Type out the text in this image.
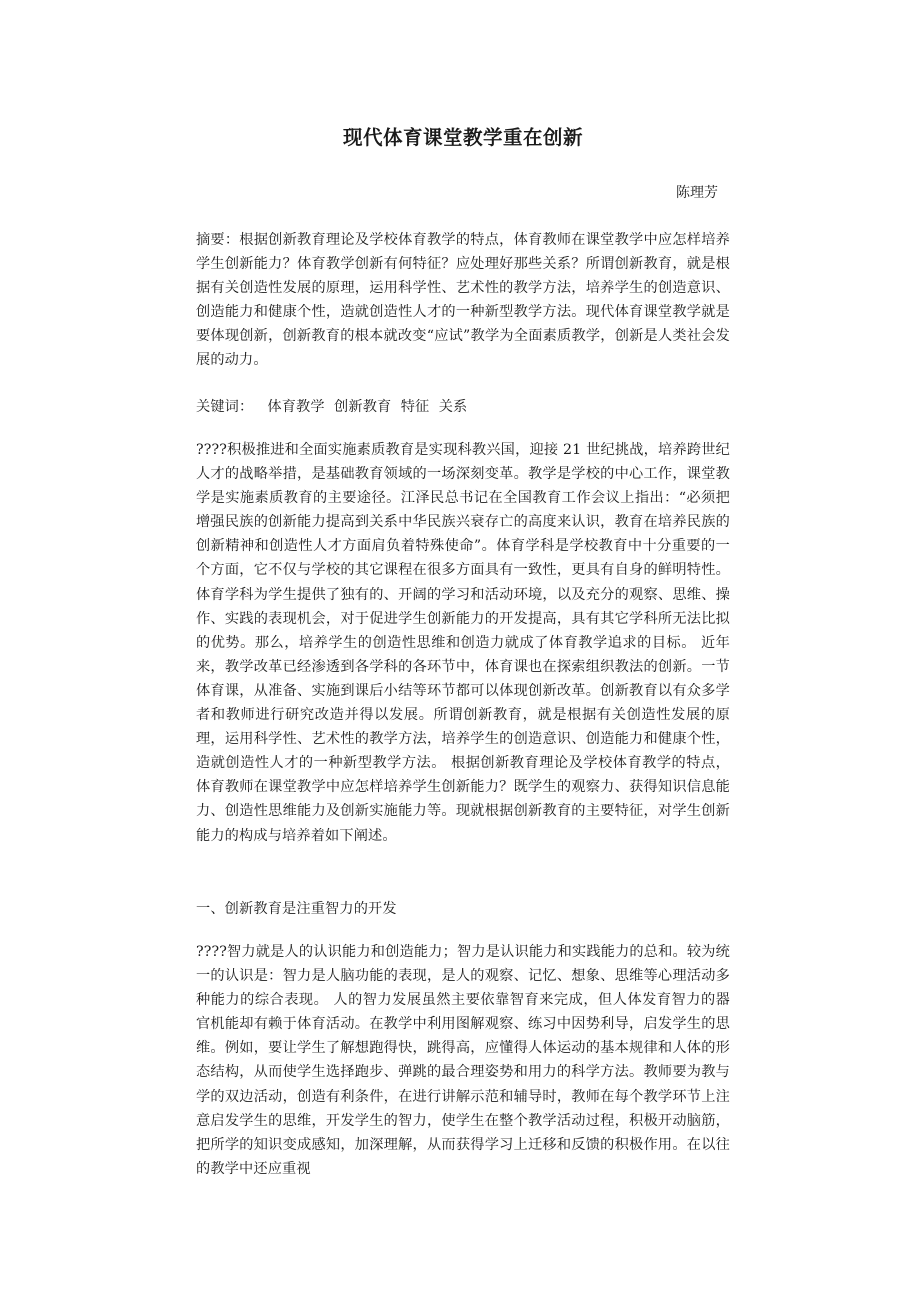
现代体育课堂教学重在创新

陈理芳

摘要：根据创新教育理论及学校体育教学的特点，体育教师在课堂教学中应怎样培养学生创新能力？体育教学创新有何特征？应处理好那些关系？所谓创新教育，就是根据有关创造性发展的原理，运用科学性、艺术性的教学方法，培养学生的创造意识、创造能力和健康个性，造就创造性人才的一种新型教学方法。现代体育课堂教学就是要体现创新，创新教育的根本就改变“应试”教学为全面素质教学，创新是人类社会发展的动力。

关键词： 体育教学  创新教育  特征  关系

????积极推进和全面实施素质教育是实现科教兴国，迎接 21 世纪挑战，培养跨世纪人才的战略举措，是基础教育领域的一场深刻变革。教学是学校的中心工作，课堂教学是实施素质教育的主要途径。江泽民总书记在全国教育工作会议上指出：“必须把增强民族的创新能力提高到关系中华民族兴衰存亡的高度来认识，教育在培养民族的创新精神和创造性人才方面肩负着特殊使命”。体育学科是学校教育中十分重要的一个方面，它不仅与学校的其它课程在很多方面具有一致性，更具有自身的鲜明特性。体育学科为学生提供了独有的、开阔的学习和活动环境，以及充分的观察、思维、操作、实践的表现机会，对于促进学生创新能力的开发提高，具有其它学科所无法比拟的优势。那么，培养学生的创造性思维和创造力就成了体育教学追求的目标。 近年来，教学改革已经渗透到各学科的各环节中，体育课也在探索组织教法的创新。一节体育课，从准备、实施到课后小结等环节都可以体现创新改革。创新教育以有众多学者和教师进行研究改造并得以发展。所谓创新教育，就是根据有关创造性发展的原理，运用科学性、艺术性的教学方法，培养学生的创造意识、创造能力和健康个性，造就创造性人才的一种新型教学方法。 根据创新教育理论及学校体育教学的特点，体育教师在课堂教学中应怎样培养学生创新能力？既学生的观察力、获得知识信息能力、创造性思维能力及创新实施能力等。现就根据创新教育的主要特征，对学生创新能力的构成与培养着如下阐述。

一、创新教育是注重智力的开发

????智力就是人的认识能力和创造能力；智力是认识能力和实践能力的总和。较为统一的认识是：智力是人脑功能的表现，是人的观察、记忆、想象、思维等心理活动多种能力的综合表现。 人的智力发展虽然主要依靠智育来完成，但人体发育智力的器官机能却有赖于体育活动。在教学中利用图解观察、练习中因势利导，启发学生的思维。例如，要让学生了解想跑得快，跳得高，应懂得人体运动的基本规律和人体的形态结构，从而使学生选择跑步、弹跳的最合理姿势和用力的科学方法。教师要为教与学的双边活动，创造有利条件，在进行讲解示范和辅导时，教师在每个教学环节上注意启发学生的思维，开发学生的智力，使学生在整个教学活动过程，积极开动脑筋，把所学的知识变成感知，加深理解，从而获得学习上迁移和反馈的积极作用。在以往的教学中还应重视
